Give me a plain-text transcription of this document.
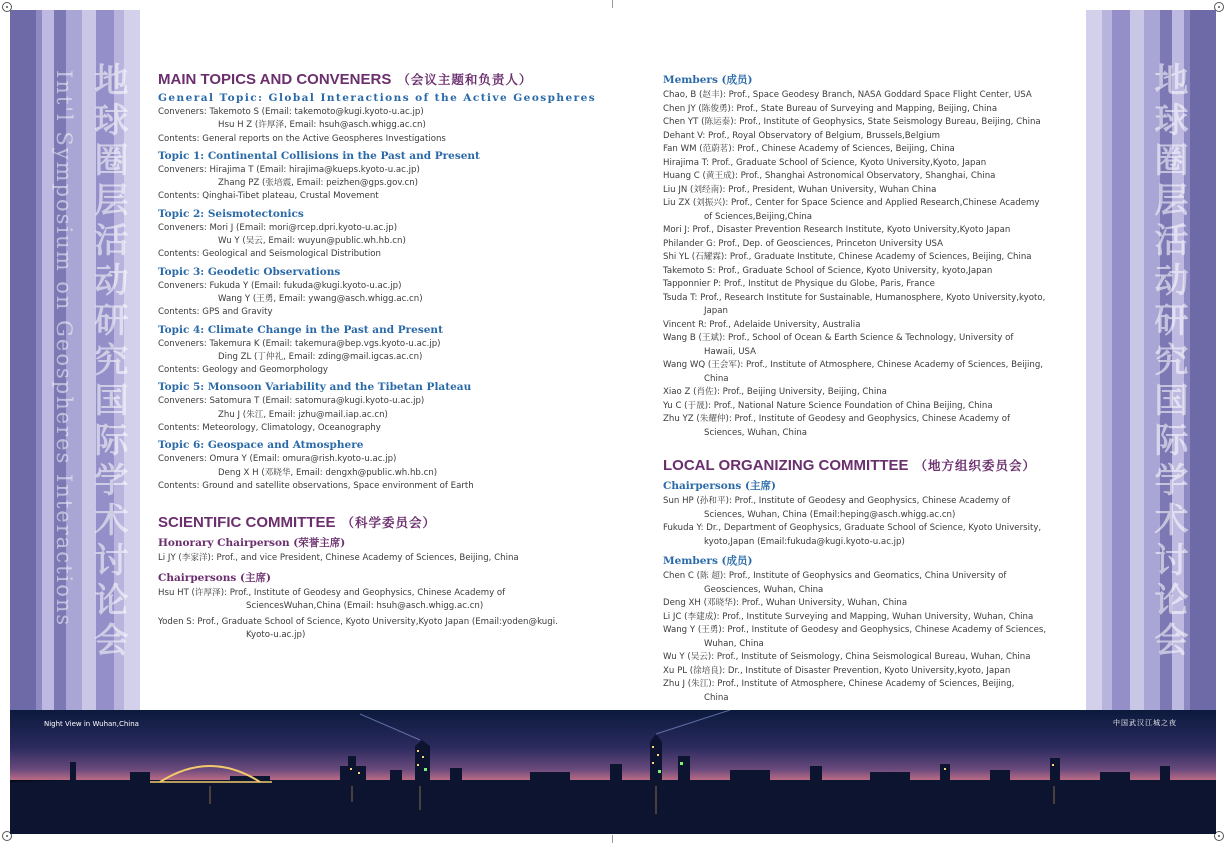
Int'l Symposium on Geospheres Interactions 地球圈层活动研究国际学术讨论会	地球圈层活动研究国际学术讨论会
MAIN TOPICS AND CONVENERS （会议主题和负责人）
General Topic: Global Interactions of the Active Geospheres
Conveners: Takemoto S (Email: takemoto@kugi.kyoto-u.ac.jp)
Hsu H Z (许厚泽, Email: hsuh@asch.whigg.ac.cn)
Contents: General reports on the Active Geospheres Investigations
Topic 1: Continental Collisions in the Past and Present
Conveners: Hirajima T (Email: hirajima@kueps.kyoto-u.ac.jp)
Zhang PZ (张培震, Email: peizhen@gps.gov.cn)
Contents: Qinghai-Tibet plateau, Crustal Movement
Topic 2: Seismotectonics
Conveners: Mori J (Email: mori@rcep.dpri.kyoto-u.ac.jp)
Wu Y (吴云, Email: wuyun@public.wh.hb.cn)
Contents: Geological and Seismological Distribution
Topic 3: Geodetic Observations
Conveners: Fukuda Y (Email: fukuda@kugi.kyoto-u.ac.jp)
Wang Y (王勇, Email: ywang@asch.whigg.ac.cn)
Contents: GPS and Gravity
Topic 4: Climate Change in the Past and Present
Conveners: Takemura K (Email: takemura@bep.vgs.kyoto-u.ac.jp)
Ding ZL (丁仲礼, Email: zding@mail.igcas.ac.cn)
Contents: Geology and Geomorphology
Topic 5: Monsoon Variability and the Tibetan Plateau
Conveners: Satomura T (Email: satomura@kugi.kyoto-u.ac.jp)
Zhu J (朱江, Email: jzhu@mail.iap.ac.cn)
Contents: Meteorology, Climatology, Oceanography
Topic 6: Geospace and Atmosphere
Conveners: Omura Y (Email: omura@rish.kyoto-u.ac.jp)
Deng X H (邓晓华, Email: dengxh@public.wh.hb.cn)
Contents: Ground and satellite observations, Space environment of Earth
SCIENTIFIC COMMITTEE （科学委员会）
Honorary Chairperson (荣誉主席)
Li JY (李家洋): Prof., and vice President, Chinese Academy of Sciences, Beijing, China
Chairpersons (主席)
Hsu HT (许厚泽): Prof., Institute of Geodesy and Geophysics, Chinese Academy of
SciencesWuhan,China (Email: hsuh@asch.whigg.ac.cn)
Yoden S: Prof., Graduate School of Science, Kyoto University,Kyoto Japan (Email:yoden@kugi.
Kyoto-u.ac.jp)
Members (成员)
Chao, B (赵丰): Prof., Space Geodesy Branch, NASA Goddard Space Flight Center, USA
Chen JY (陈俊勇): Prof., State Bureau of Surveying and Mapping, Beijing, China
Chen YT (陈运泰): Prof., Institute of Geophysics, State Seismology Bureau, Beijing, China
Dehant V: Prof., Royal Observatory of Belgium, Brussels,Belgium
Fan WM (范蔚茗): Prof., Chinese Academy of Sciences, Beijing, China
Hirajima T: Prof., Graduate School of Science, Kyoto University,Kyoto, Japan
Huang C (黄王成): Prof., Shanghai Astronomical Observatory, Shanghai, China
Liu JN (刘经南): Prof., President, Wuhan University, Wuhan China
Liu ZX (刘振兴): Prof., Center for Space Science and Applied Research,Chinese Academy
of Sciences,Beijing,China
Mori J: Prof., Disaster Prevention Research Institute, Kyoto University,Kyoto Japan
Philander G: Prof., Dep. of Geosciences, Princeton University USA
Shi YL (石耀霖): Prof., Graduate Institute, Chinese Academy of Sciences, Beijing, China
Takemoto S: Prof., Graduate School of Science, Kyoto University, kyoto,Japan
Tapponnier P: Prof., Institut de Physique du Globe, Paris, France
Tsuda T: Prof., Research Institute for Sustainable, Humanosphere, Kyoto University,kyoto,
Japan
Vincent R: Prof., Adelaide University, Australia
Wang B (王斌): Prof., School of Ocean & Earth Science & Technology, University of
Hawaii, USA
Wang WQ (王会军): Prof., Institute of Atmosphere, Chinese Academy of Sciences, Beijing,
China
Xiao Z (肖佐): Prof., Beijing University, Beijing, China
Yu C (于晟): Prof., National Nature Science Foundation of China Beijing, China
Zhu YZ (朱耀仲): Prof., Institute of Geodesy and Geophysics, Chinese Academy of
Sciences, Wuhan, China
LOCAL ORGANIZING COMMITTEE （地方组织委员会）
Chairpersons (主席)
Sun HP (孙和平): Prof., Institute of Geodesy and Geophysics, Chinese Academy of
Sciences, Wuhan, China (Email:heping@asch.whigg.ac.cn)
Fukuda Y: Dr., Department of Geophysics, Graduate School of Science, Kyoto University,
kyoto,Japan (Email:fukuda@kugi.kyoto-u.ac.jp)
Members (成员)
Chen C (陈 超): Prof., Institute of Geophysics and Geomatics, China University of
Geosciences, Wuhan, China
Deng XH (邓晓华): Prof., Wuhan University, Wuhan, China
Li JC (李建成): Prof., Institute Surveying and Mapping, Wuhan University, Wuhan, China
Wang Y (王勇): Prof., Institute of Geodesy and Geophysics, Chinese Academy of Sciences,
Wuhan, China
Wu Y (吴云): Prof., Institute of Seismology, China Seismological Bureau, Wuhan, China
Xu PL (徐培良): Dr., Institute of Disaster Prevention, Kyoto University,kyoto, Japan
Zhu J (朱江): Prof., Institute of Atmosphere, Chinese Academy of Sciences, Beijing,
China
Night View in Wuhan,China	中国武汉江城之夜
